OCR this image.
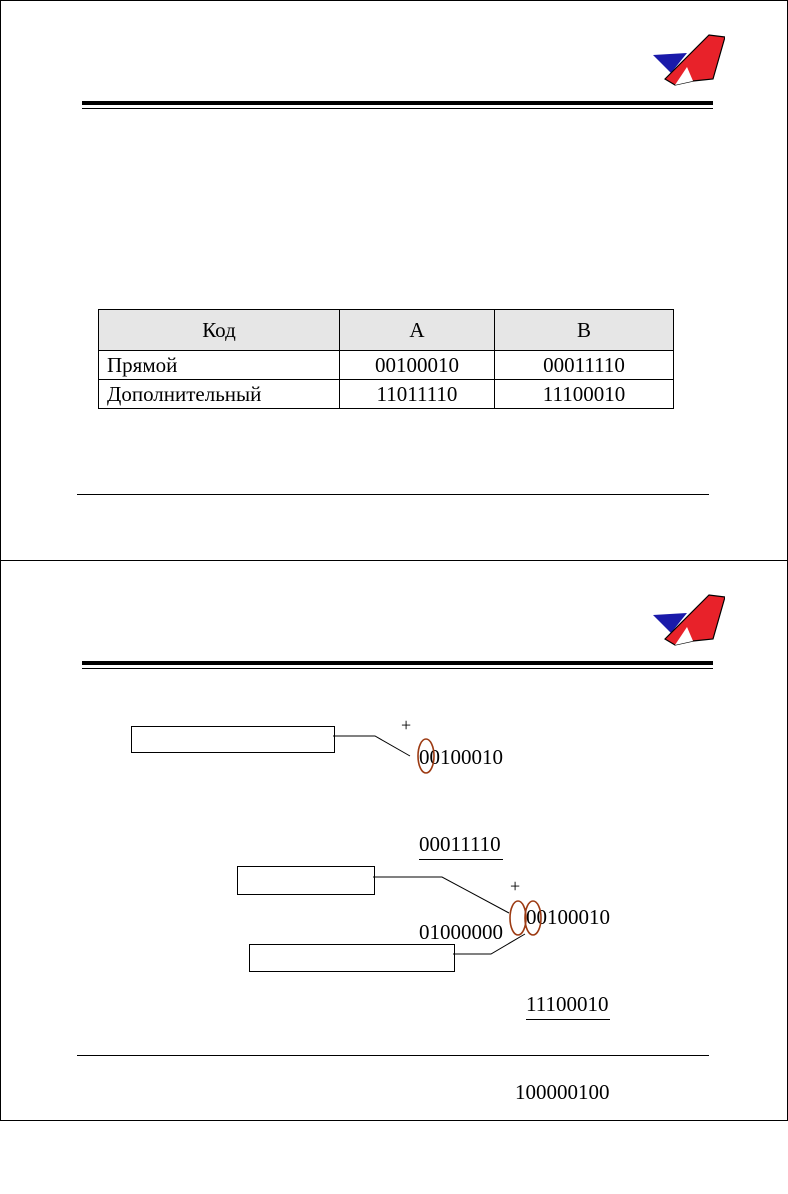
Код	A	B
Прямой	00100010	00011110
Дополнительный	11011110	11100010

00100010

00011110

01000000

+

00100010

11100010

100000100

+
